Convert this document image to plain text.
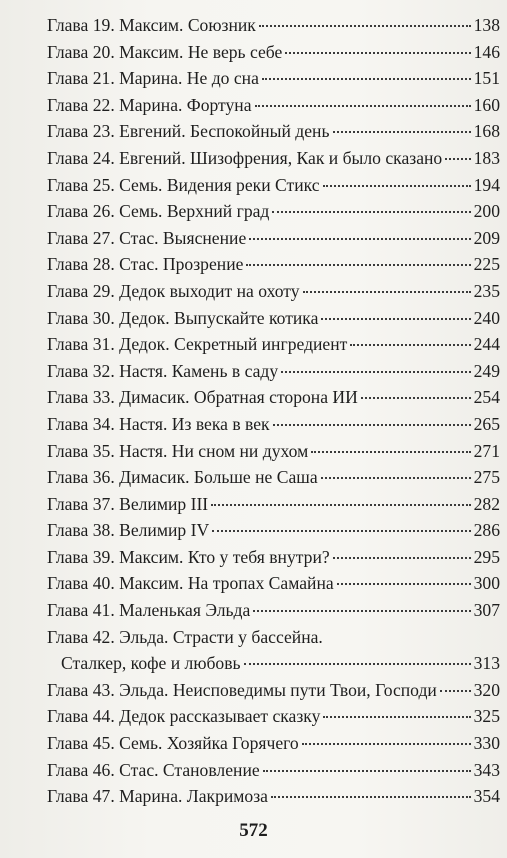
Глава 19. Максим. Союзник	138
Глава 20. Максим. Не верь себе	146
Глава 21. Марина. Не до сна	151
Глава 22. Марина. Фортуна	160
Глава 23. Евгений. Беспокойный день	168
Глава 24. Евгений. Шизофрения, Как и было сказано 183
Глава 25. Семь. Видения реки Стикс	194
Глава 26. Семь. Верхний град	200
Глава 27. Стас. Выяснение	209
Глава 28. Стас. Прозрение	225
Глава 29. Дедок выходит на охоту	235
Глава 30. Дедок. Выпускайте котика	240
Глава 31. Дедок. Секретный ингредиент	244
Глава 32. Настя. Камень в саду	249
Глава 33. Димасик. Обратная сторона ИИ	254
Глава 34. Настя. Из века в век	265
Глава 35. Настя. Ни сном ни духом	271
Глава 36. Димасик. Больше не Саша	275
Глава 37. Велимир III	282
Глава 38. Велимир IV	286
Глава 39. Максим. Кто у тебя внутри?	295
Глава 40. Максим. На тропах Самайна	300
Глава 41. Маленькая Эльда	307
Глава 42. Эльда. Страсти у бассейна.
Сталкер, кофе и любовь	313
Глава 43. Эльда. Неисповедимы пути Твои, Господи 320
Глава 44. Дедок рассказывает сказку	325
Глава 45. Семь. Хозяйка Горячего	330
Глава 46. Стас. Становление	343
Глава 47. Марина. Лакримоза	354
572
